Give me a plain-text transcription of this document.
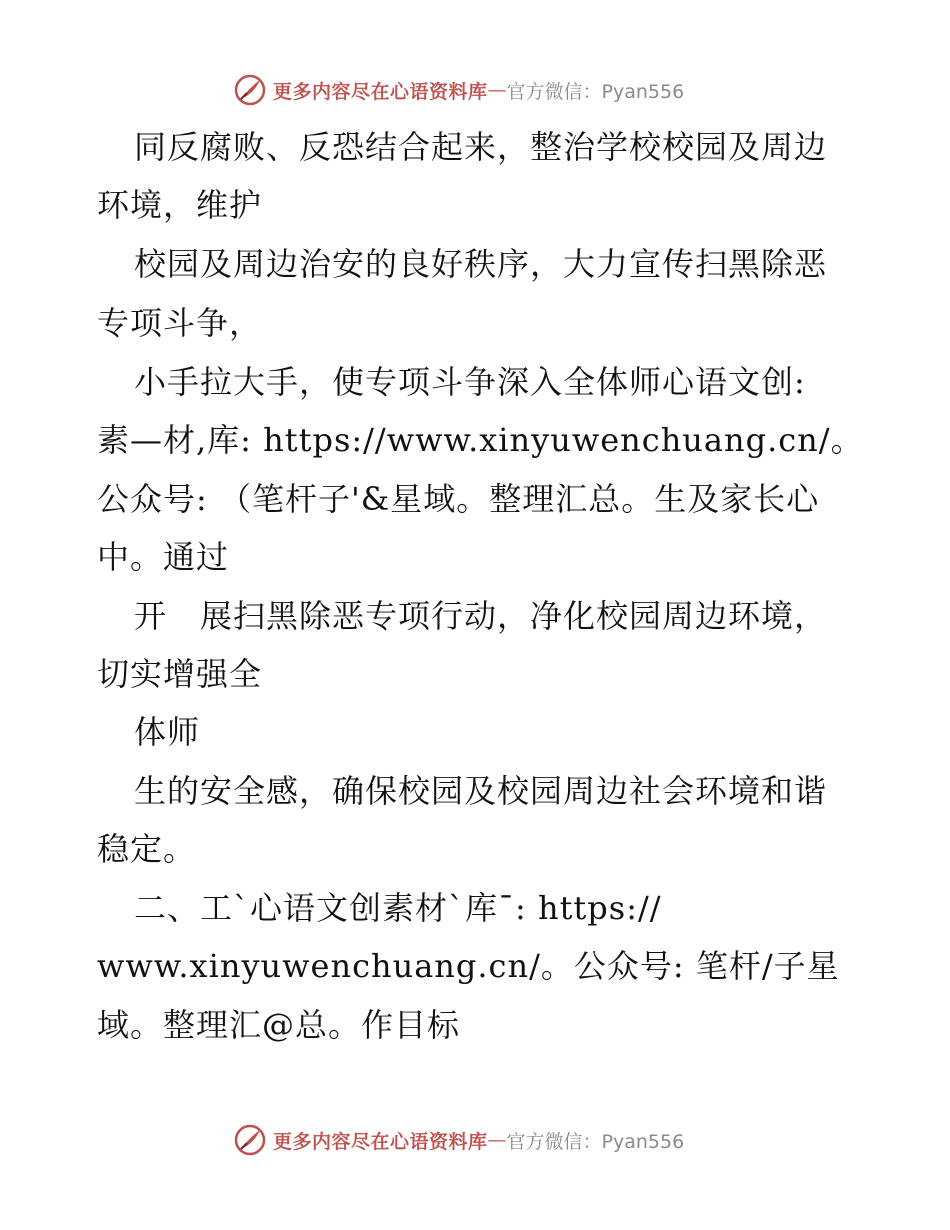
更多内容尽在心语资料库 — 官方微信：Pyan556
同反腐败、反恐结合起来，整治学校校园及周边
环境，维护
校园及周边治安的良好秩序，大力宣传扫黑除恶
专项斗争，
小手拉大手，使专项斗争深入全体师心语文创:
素—材,库: https://www.xinyuwenchuang.cn/。
公众号: （笔杆子'&星域。整理汇总。生及家长心
中。通过
开　展扫黑除恶专项行动，净化校园周边环境，
切实增强全
体师
生的安全感，确保校园及校园周边社会环境和谐
稳定。
二、工`心语文创素材`库¯: https://
www.xinyuwenchuang.cn/。公众号: 笔杆/子星
域。整理汇@总。作目标
更多内容尽在心语资料库 — 官方微信：Pyan556
